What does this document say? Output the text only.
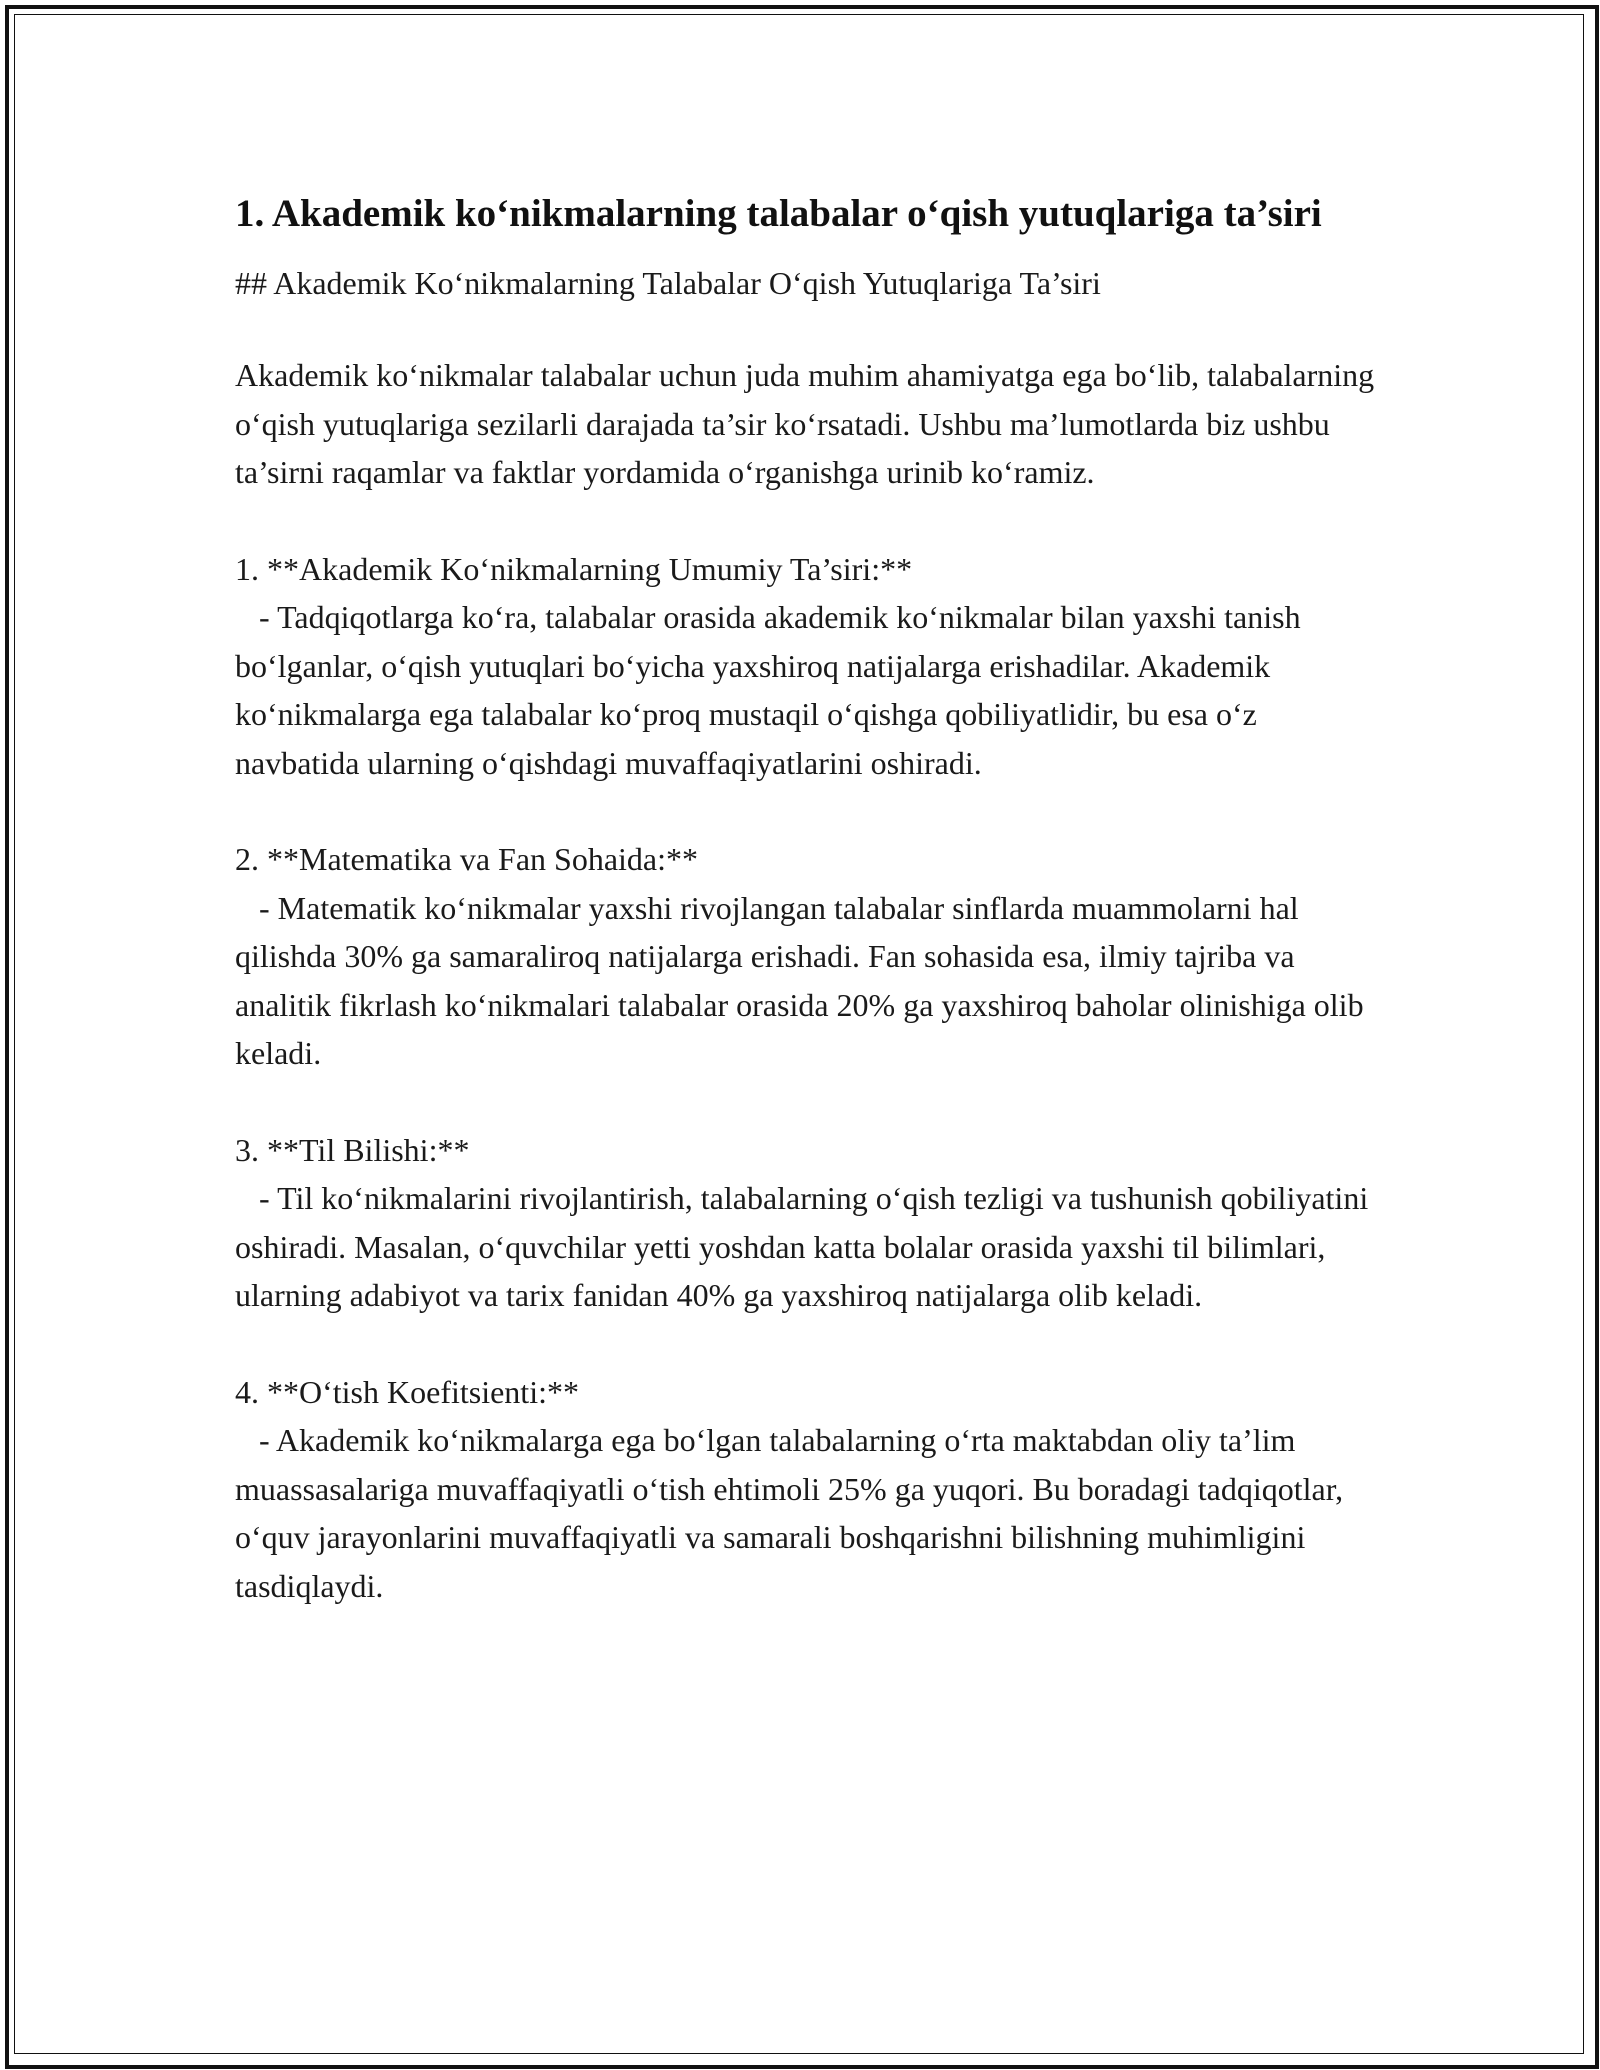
1. Akademik ko‘nikmalarning talabalar o‘qish yutuqlariga ta’siri

## Akademik Ko‘nikmalarning Talabalar O‘qish Yutuqlariga Ta’siri

Akademik ko‘nikmalar talabalar uchun juda muhim ahamiyatga ega bo‘lib, talabalarning o‘qish yutuqlariga sezilarli darajada ta’sir ko‘rsatadi. Ushbu ma’lumotlarda biz ushbu ta’sirni raqamlar va faktlar yordamida o‘rganishga urinib ko‘ramiz.

1. **Akademik Ko‘nikmalarning Umumiy Ta’siri:**

- Tadqiqotlarga ko‘ra, talabalar orasida akademik ko‘nikmalar bilan yaxshi tanish bo‘lganlar, o‘qish yutuqlari bo‘yicha yaxshiroq natijalarga erishadilar. Akademik ko‘nikmalarga ega talabalar ko‘proq mustaqil o‘qishga qobiliyatlidir, bu esa o‘z navbatida ularning o‘qishdagi muvaffaqiyatlarini oshiradi.

2. **Matematika va Fan Sohaida:**

- Matematik ko‘nikmalar yaxshi rivojlangan talabalar sinflarda muammolarni hal qilishda 30% ga samaraliroq natijalarga erishadi. Fan sohasida esa, ilmiy tajriba va analitik fikrlash ko‘nikmalari talabalar orasida 20% ga yaxshiroq baholar olinishiga olib keladi.

3. **Til Bilishi:**

- Til ko‘nikmalarini rivojlantirish, talabalarning o‘qish tezligi va tushunish qobiliyatini oshiradi. Masalan, o‘quvchilar yetti yoshdan katta bolalar orasida yaxshi til bilimlari, ularning adabiyot va tarix fanidan 40% ga yaxshiroq natijalarga olib keladi.

4. **O‘tish Koefitsienti:**

- Akademik ko‘nikmalarga ega bo‘lgan talabalarning o‘rta maktabdan oliy ta’lim muassasalariga muvaffaqiyatli o‘tish ehtimoli 25% ga yuqori. Bu boradagi tadqiqotlar, o‘quv jarayonlarini muvaffaqiyatli va samarali boshqarishni bilishning muhimligini tasdiqlaydi.
